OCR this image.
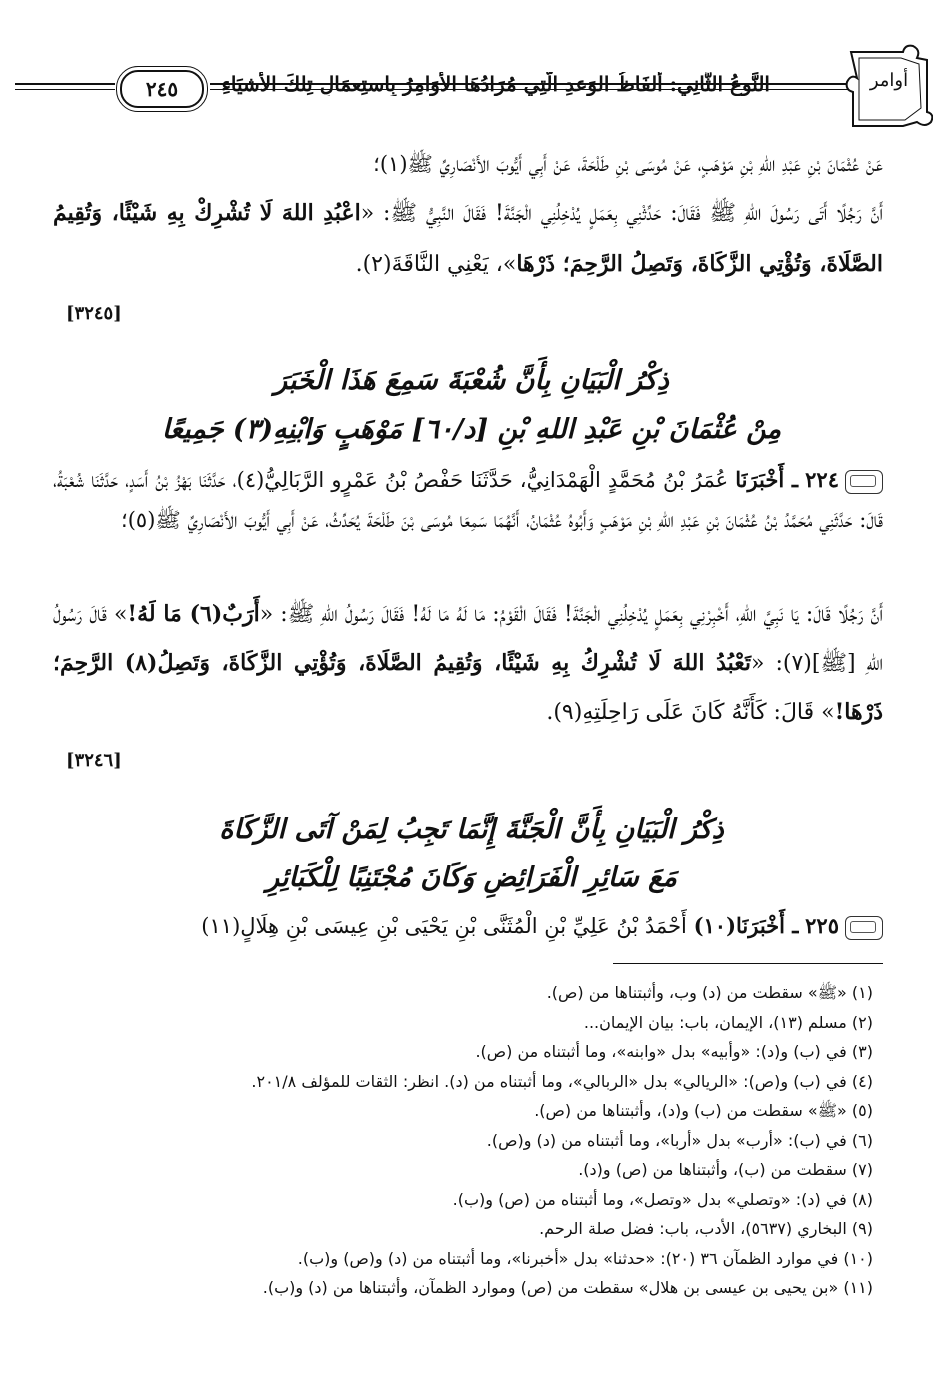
النَّوعُ الثَّانِي: أَلفَاظُ الوَعدِ الَّتِي مُرَادُهَا الأَوَامِرُ بِاستِعمَالِ تِلكَ الأَشيَاءِ
٢٤٥	أوامر
عَنْ عُثْمَانَ بْنِ عَبْدِ اللهِ بْنِ مَوْهَبٍ، عَنْ مُوسَى بْنِ طَلْحَةَ، عَنْ أَبِي أَيُّوبَ الأَنْصَارِيِّ ﷺ(١)؛
أَنَّ رَجُلًا أَتَى رَسُولَ اللهِ ﷺ فَقَالَ: حَدِّثْنِي بِعَمَلٍ يُدْخِلُنِي الْجَنَّةَ! فَقَالَ النَّبِيُّ ﷺ: «اعْبُدِ اللهَ لَا تُشْرِكْ بِهِ شَيْئًا، وَتُقِيمُ الصَّلَاةَ، وَتُؤْتِي الزَّكَاةَ، وَتَصِلُ الرَّحِمَ؛ ذَرْهَا»، يَعْنِي النَّاقَةَ(٢).
[٣٢٤٥]
ذِكْرُ الْبَيَانِ بِأَنَّ شُعْبَةَ سَمِعَ هَذَا الْخَبَرَ
مِنْ عُثْمَانَ بْنِ عَبْدِ اللهِ بْنِ [د/٦٠] مَوْهَبٍ وَابْنِهِ(٣) جَمِيعًا
٢٢٤ ـ أَخْبَرَنَا عُمَرُ بْنُ مُحَمَّدٍ الْهَمْدَانِيُّ، حَدَّثَنَا حَفْصُ بْنُ عَمْرٍو الرَّبَالِيُّ(٤)، حَدَّثَنَا بَهْزُ بْنُ أَسَدٍ، حَدَّثَنَا شُعْبَةُ، قَالَ: حَدَّثَنِي مُحَمَّدُ بْنُ عُثْمَانَ بْنِ عَبْدِ اللهِ بْنِ مَوْهَبٍ وَأَبُوهُ عُثْمَانُ، أَنَّهُمَا سَمِعَا مُوسَى بْنَ طَلْحَةَ يُحَدِّثُ، عَنْ أَبِي أَيُّوبَ الأَنْصَارِيِّ ﷺ(٥)؛
أَنَّ رَجُلًا قَالَ: يَا نَبِيَّ اللهِ، أَخْبِرْنِي بِعَمَلٍ يُدْخِلُنِي الْجَنَّةَ! فَقَالَ الْقَوْمُ: مَا لَهُ مَا لَهُ! فَقَالَ رَسُولُ اللهِ ﷺ: «أَرَبٌ(٦) مَا لَهُ!» قَالَ رَسُولُ اللهِ [ﷺ](٧): «تَعْبُدُ اللهَ لَا تُشْرِكُ بِهِ شَيْئًا، وَتُقِيمُ الصَّلَاةَ، وَتُؤْتِي الزَّكَاةَ، وَتَصِلُ(٨) الرَّحِمَ؛ ذَرْهَا!» قَالَ: كَأَنَّهُ كَانَ عَلَى رَاحِلَتِهِ(٩).
[٣٢٤٦]
ذِكْرُ الْبَيَانِ بِأَنَّ الْجَنَّةَ إِنَّمَا تَجِبُ لِمَنْ آتَى الزَّكَاةَ
مَعَ سَائِرِ الْفَرَائِضِ وَكَانَ مُجْتَنِبًا لِلْكَبَائِرِ
٢٢٥ ـ أَخْبَرَنَا(١٠) أَحْمَدُ بْنُ عَلِيِّ بْنِ الْمُثَنَّى بْنِ يَحْيَى بْنِ عِيسَى بْنِ هِلَالٍ(١١)
(١) «ﷺ» سقطت من (د) وب، وأثبتناها من (ص).
(٢) مسلم (١٣)، الإيمان، باب: بيان الإيمان...
(٣) في (ب) و(د): «وأبيه» بدل «وابنه»، وما أثبتناه من (ص).
(٤) في (ب) و(ص): «الريالي» بدل «الربالي»، وما أثبتناه من (د). انظر: الثقات للمؤلف ٢٠١/٨.
(٥) «ﷺ» سقطت من (ب) و(د)، وأثبتناها من (ص).
(٦) في (ب): «أرب» بدل «أربا»، وما أثبتناه من (د) و(ص).
(٧) سقطت من (ب)، وأثبتناها من (ص) و(د).
(٨) في (د): «وتصلي» بدل «وتصل»، وما أثبتناه من (ص) و(ب).
(٩) البخاري (٥٦٣٧)، الأدب، باب: فضل صلة الرحم.
(١٠) في موارد الظمآن ٣٦ (٢٠): «حدثنا» بدل «أخبرنا»، وما أثبتناه من (د) و(ص) و(ب).
(١١) «بن يحيى بن عيسى بن هلال» سقطت من (ص) وموارد الظمآن، وأثبتناها من (د) و(ب).
